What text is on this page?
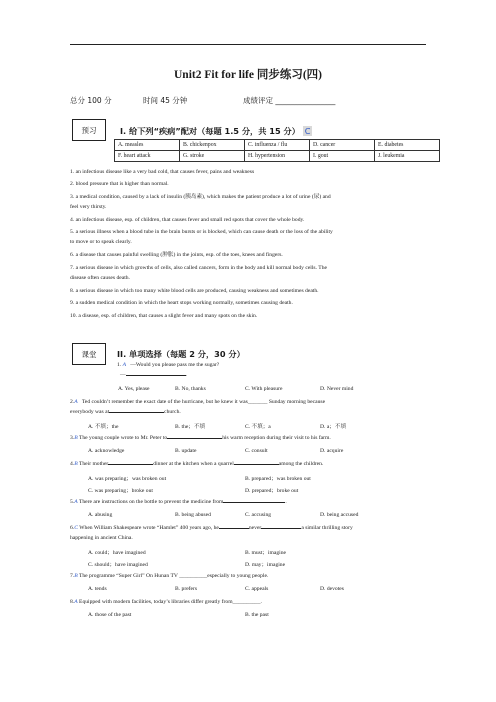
Unit2 Fit for life 同步练习(四)
总分 100 分	时间 45 分钟	成绩评定 ________________
预习	I. 给下列“疾病”配对（每题 1.5 分，共 15 分） C
A. measles	B. chickenpox	C. influenza / flu	D. cancer	E. diabetes
F. heart attack	G. stroke	H. hypertension	I. gout	J. leukemia
1. an infectious disease like a very bad cold, that causes fever, pains and weakness
2. blood pressure that is higher than normal.
3. a medical condition, caused by a lack of insulin (胰岛素), which makes the patient produce a lot of urine (尿) and
feel very thirsty.
4. an infectious disease, esp. of children, that causes fever and small red spots that cover the whole body.
5. a serious illness when a blood tube in the brain bursts or is blocked, which can cause death or the loss of the ability
to move or to speak clearly.
6. a disease that causes painful swelling (肿胀) in the joints, esp. of the toes, knees and fingers.
7. a serious disease in which growths of cells, also called cancers, form in the body and kill normal body cells. The
disease often causes death.
8. a serious disease in which too many white blood cells are produced, causing weakness and sometimes death.
9. a sudden medical condition in which the heart stops working normally, sometimes causing death.
10. a disease, esp. of children, that causes a slight fever and many spots on the skin.
课堂	II. 单项选择（每题 2 分，30 分）
1. A —Would you please pass me the sugar?
—	.
A. Yes, please	B. No, thanks	C. With pleasure	D. Never mind
2.A Ted couldn’t remember the exact date of the hurricane, but he knew it was_______ Sunday morning because
everybody was at	church.
A. 不填；the	B. the；不填	C. 不填；a	D. a；不填
3.B The young couple wrote to Mr. Peter to	his warm reception during their visit to his farm.
A. acknowledge	B. update	C. consult	D. acquire
4.B Their mother	dinner at the kitchen when a quarrel	among the children.
A. was preparing；was broken out	B. prepared；was broken out
C. was preparing；broke out	D. prepared；broke out
5.A There are instructions on the bottle to prevent the medicine from	.
A. abusing	B. being abused	C. accusing	D. being accused
6.C When William Shakespeare wrote “Hamlet” 400 years ago, he	never	a similar thrilling story
happening in ancient China.
A. could；have imagined	B. must；imagine
C. should；have imagined	D. may；imagine
7.B The programme “Super Girl” On Hunan TV __________especially to young people.
A. tends	B. prefers	C. appeals	D. devotes
8.A Equipped with modern facilities, today’s libraries differ greatly from__________.
A. those of the past	B. the past
